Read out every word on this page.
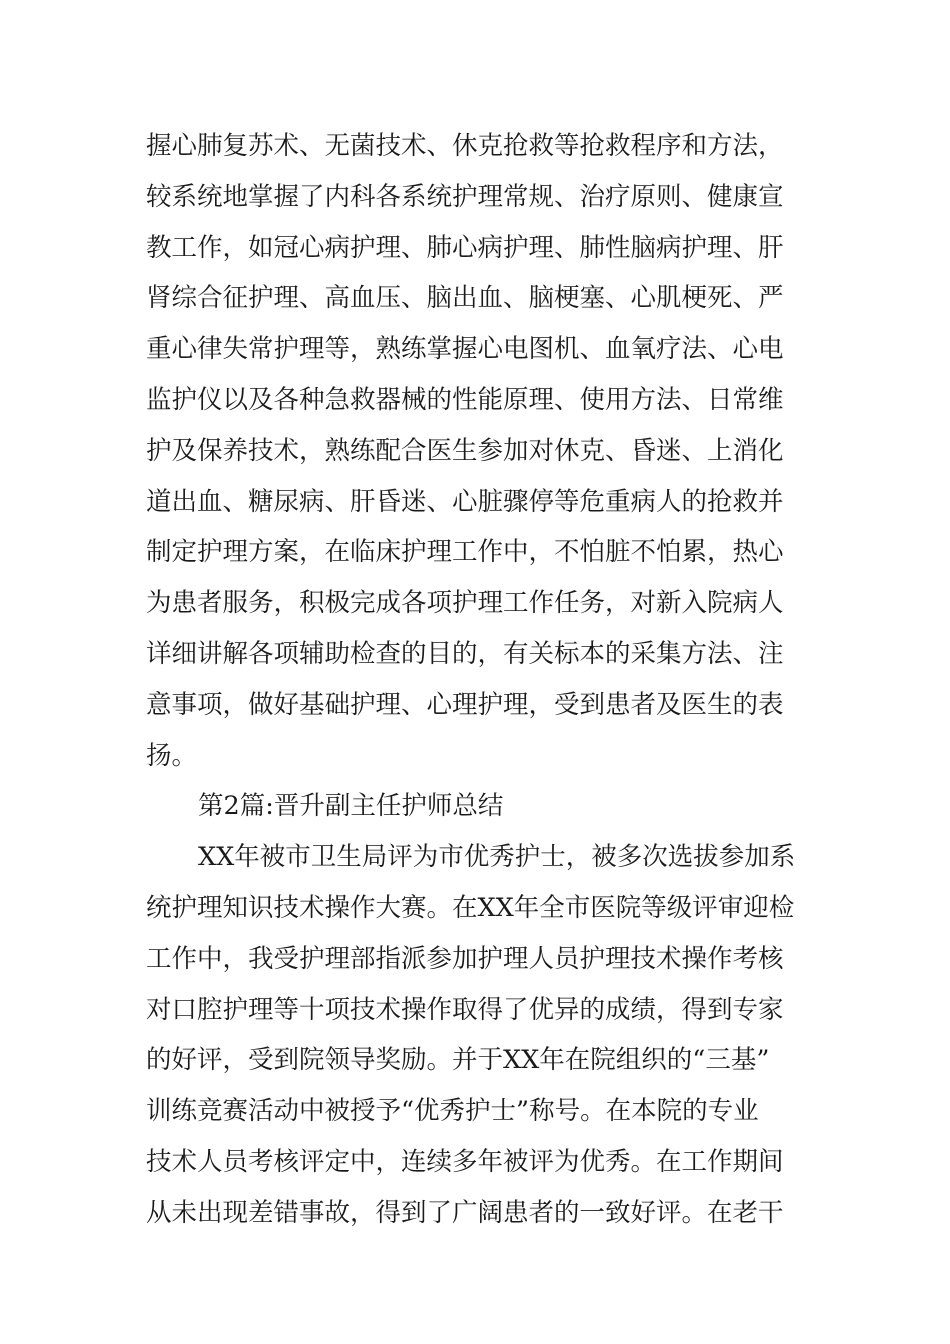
握心肺复苏术、无菌技术、休克抢救等抢救程序和方法，
较系统地掌握了内科各系统护理常规、治疗原则、健康宣
教工作，如冠心病护理、肺心病护理、肺性脑病护理、肝
肾综合征护理、高血压、脑出血、脑梗塞、心肌梗死、严
重心律失常护理等，熟练掌握心电图机、血氧疗法、心电
监护仪以及各种急救器械的性能原理、使用方法、日常维
护及保养技术，熟练配合医生参加对休克、昏迷、上消化
道出血、糖尿病、肝昏迷、心脏骤停等危重病人的抢救并
制定护理方案，在临床护理工作中，不怕脏不怕累，热心
为患者服务，积极完成各项护理工作任务，对新入院病人
详细讲解各项辅助检查的目的，有关标本的采集方法、注
意事项，做好基础护理、心理护理，受到患者及医生的表
扬。
第2篇:晋升副主任护师总结
XX年被市卫生局评为市优秀护士，被多次选拔参加系
统护理知识技术操作大赛。在XX年全市医院等级评审迎检
工作中，我受护理部指派参加护理人员护理技术操作考核
对口腔护理等十项技术操作取得了优异的成绩，得到专家
的好评，受到院领导奖励。并于XX年在院组织的“三基”
训练竞赛活动中被授予“优秀护士”称号。在本院的专业
技术人员考核评定中，连续多年被评为优秀。在工作期间
从未出现差错事故，得到了广阔患者的一致好评。在老干
